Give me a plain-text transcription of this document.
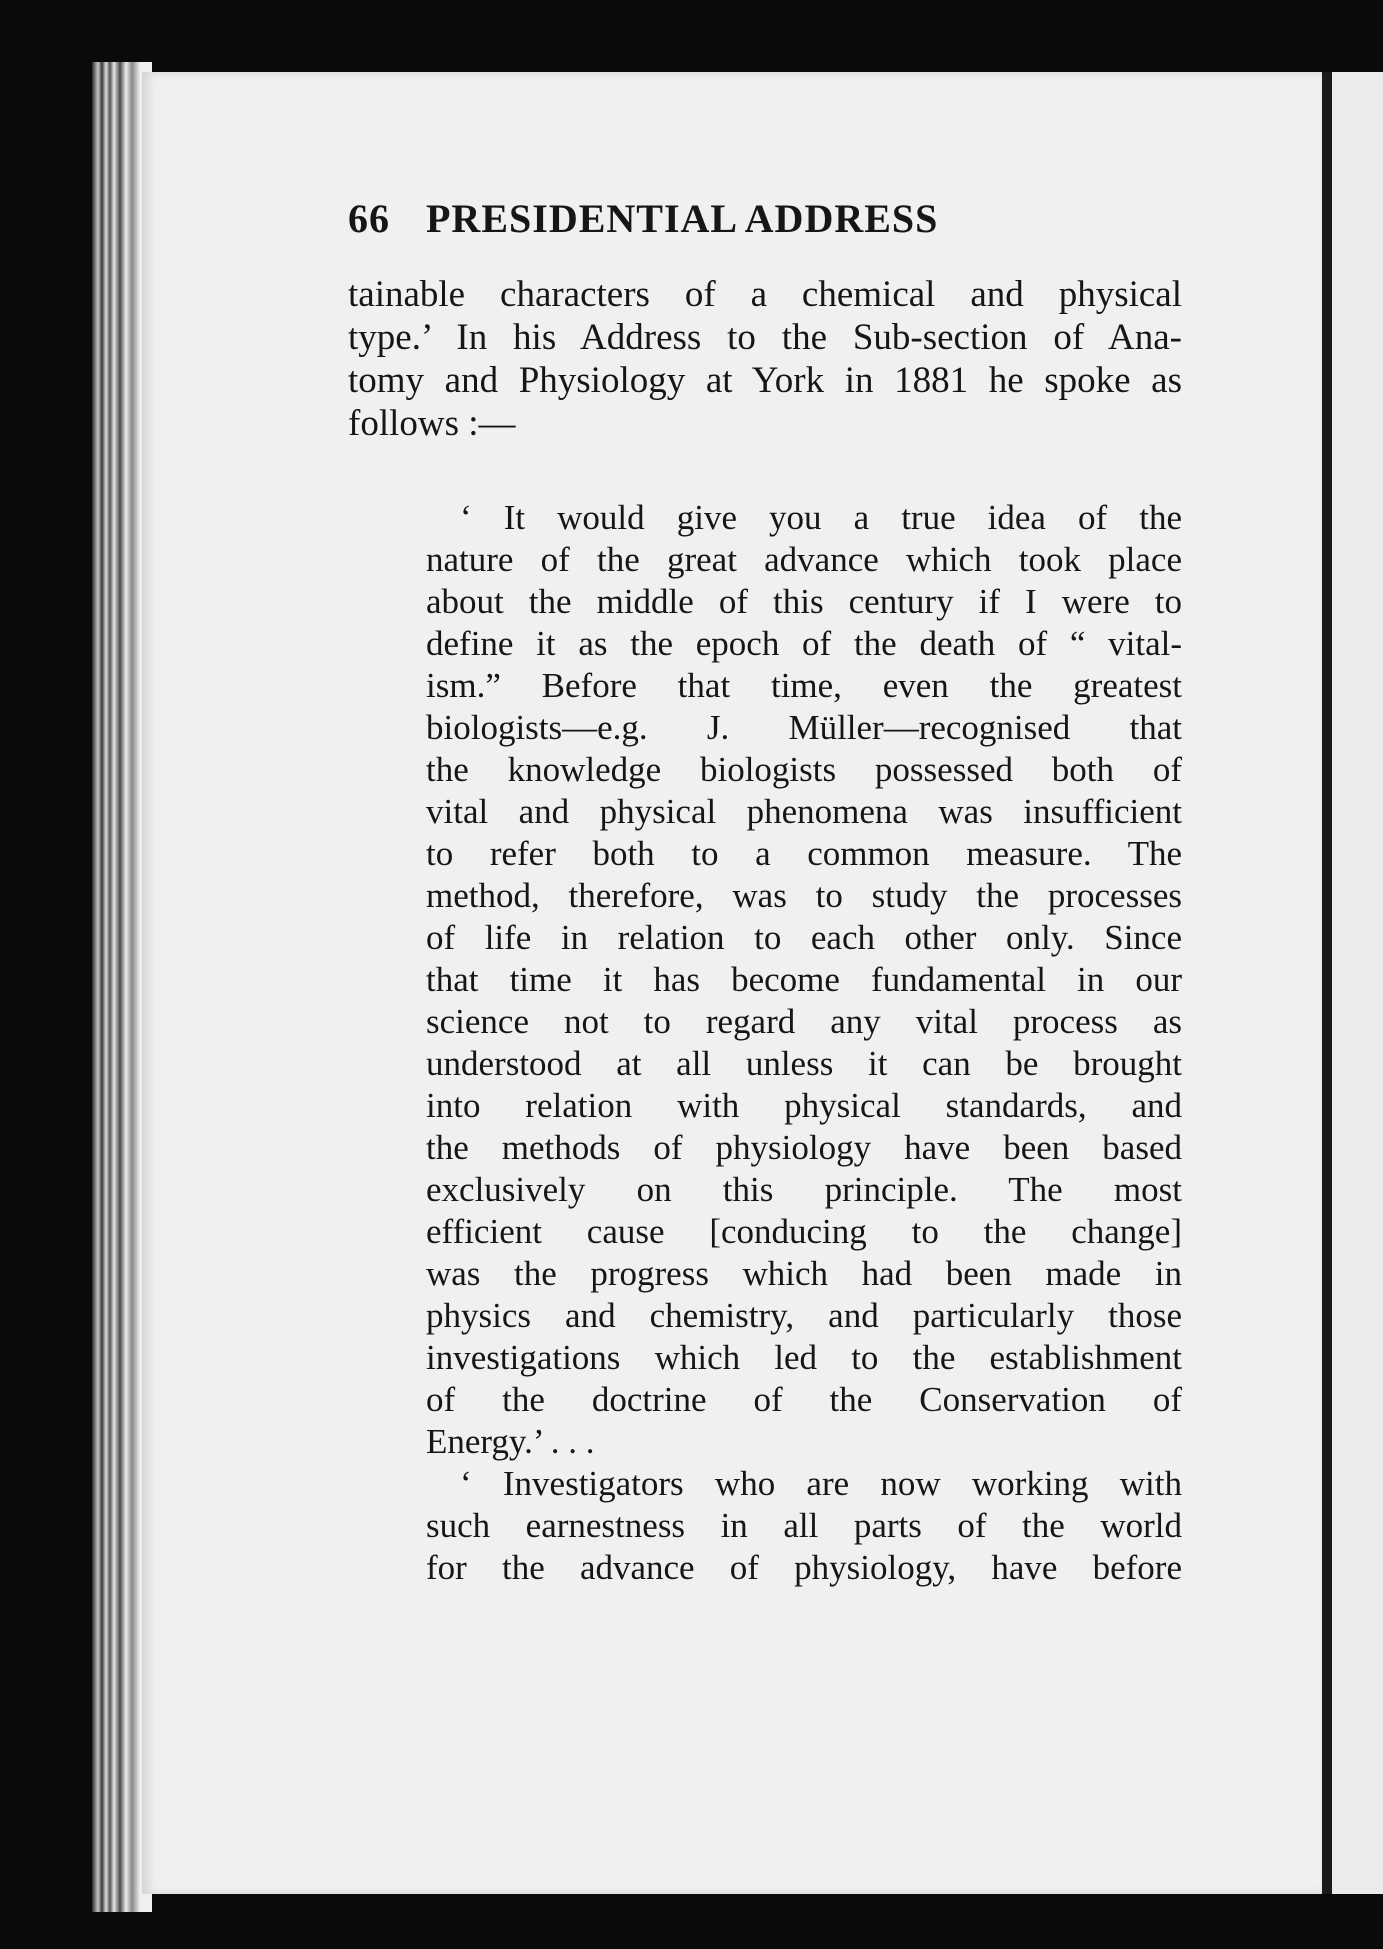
66 PRESIDENTIAL ADDRESS
tainable characters of a chemical and physical
type.’ In his Address to the Sub-section of Ana-
tomy and Physiology at York in 1881 he spoke as
follows :—
‘ It would give you a true idea of the
nature of the great advance which took place
about the middle of this century if I were to
define it as the epoch of the death of “ vital-
ism.” Before that time, even the greatest
biologists—e.g. J. Müller—recognised that
the knowledge biologists possessed both of
vital and physical phenomena was insufficient
to refer both to a common measure. The
method, therefore, was to study the processes
of life in relation to each other only. Since
that time it has become fundamental in our
science not to regard any vital process as
understood at all unless it can be brought
into relation with physical standards, and
the methods of physiology have been based
exclusively on this principle. The most
efficient cause [conducing to the change]
was the progress which had been made in
physics and chemistry, and particularly those
investigations which led to the establishment
of the doctrine of the Conservation of
Energy.’ . . .
‘ Investigators who are now working with
such earnestness in all parts of the world
for the advance of physiology, have before
